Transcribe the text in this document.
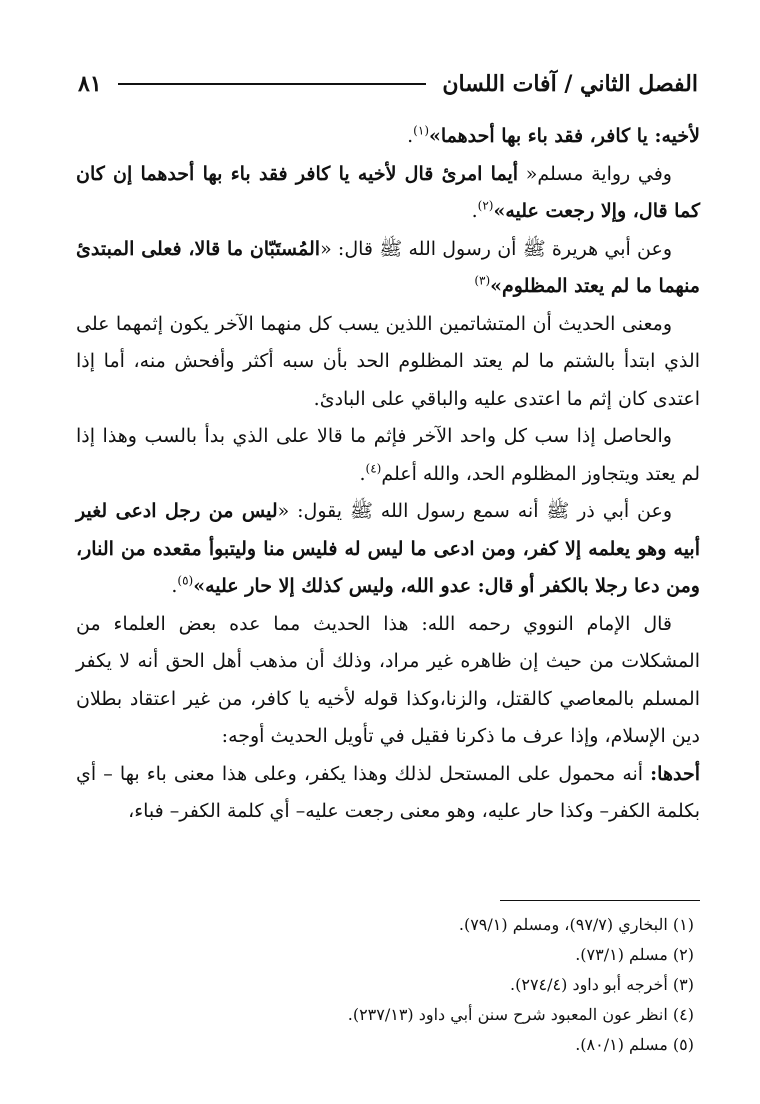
الفصل الثاني / آفات اللسان
٨١

لأخيه: يا كافر، فقد باء بها أحدهما»$^{(١)}$.

وفي رواية مسلم« أيما امرئ قال لأخيه يا كافر فقد باء بها أحدهما إن كان كما قال، وإلا رجعت عليه»$^{(٢)}$.

وعن أبي هريرة ﷺ أن رسول الله ﷺ قال: «المُستَبّان ما قالا، فعلى المبتدئ منهما ما لم يعتد المظلوم»$^{(٣)}$

ومعنى الحديث أن المتشاتمين اللذين يسب كل منهما الآخر يكون إثمهما على الذي ابتدأ بالشتم ما لم يعتد المظلوم الحد بأن سبه أكثر وأفحش منه، أما إذا اعتدى كان إثم ما اعتدى عليه والباقي على البادئ.

والحاصل إذا سب كل واحد الآخر فإثم ما قالا على الذي بدأ بالسب وهذا إذا لم يعتد ويتجاوز المظلوم الحد، والله أعلم$^{(٤)}$.

وعن أبي ذر ﷺ أنه سمع رسول الله ﷺ يقول: «ليس من رجل ادعى لغير أبيه وهو يعلمه إلا كفر، ومن ادعى ما ليس له فليس منا وليتبوأ مقعده من النار، ومن دعا رجلا بالكفر أو قال: عدو الله، وليس كذلك إلا حار عليه»$^{(٥)}$.

قال الإمام النووي رحمه الله: هذا الحديث مما عده بعض العلماء من المشكلات من حيث إن ظاهره غير مراد، وذلك أن مذهب أهل الحق أنه لا يكفر المسلم بالمعاصي كالقتل، والزنا،وكذا قوله لأخيه يا كافر، من غير اعتقاد بطلان دين الإسلام، وإذا عرف ما ذكرنا فقيل في تأويل الحديث أوجه:

أحدها: أنه محمول على المستحل لذلك وهذا يكفر، وعلى هذا معنى باء بها – أي بكلمة الكفر– وكذا حار عليه، وهو معنى رجعت عليه– أي كلمة الكفر– فباء،

(١) البخاري (٩٧/٧)، ومسلم (٧٩/١).

(٢) مسلم (٧٣/١).

(٣) أخرجه أبو داود (٢٧٤/٤).

(٤) انظر عون المعبود شرح سنن أبي داود (٢٣٧/١٣).

(٥) مسلم (٨٠/١).
